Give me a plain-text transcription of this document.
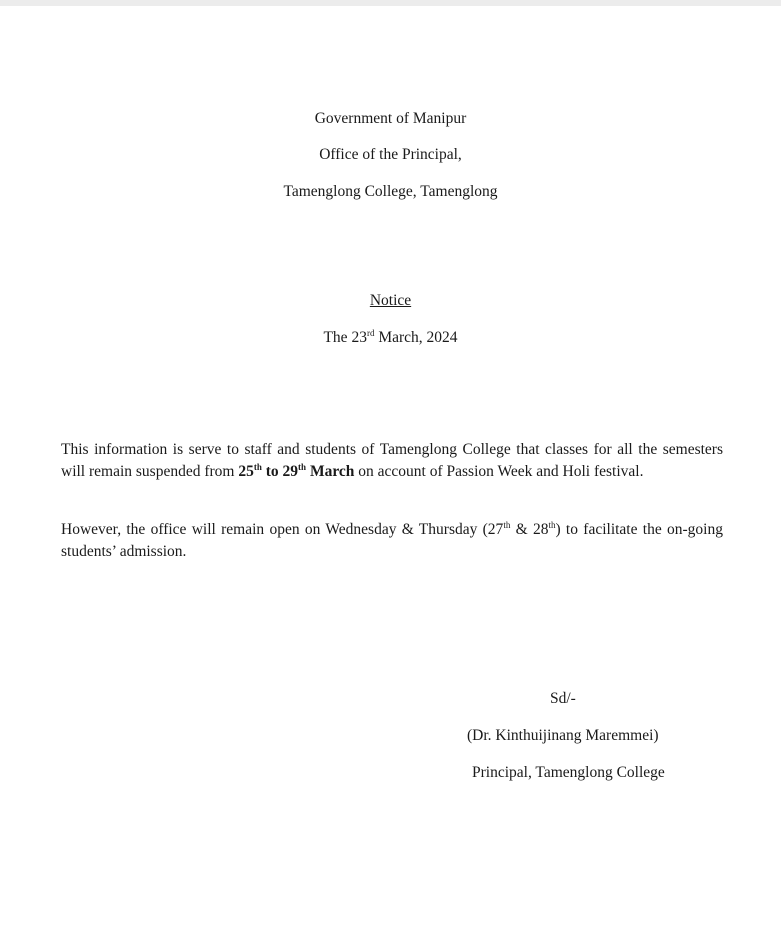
Government of Manipur
Office of the Principal,
Tamenglong College, Tamenglong
Notice
The 23rd March, 2024
This information is serve to staff and students of Tamenglong College that classes for all the semesters will remain suspended from 25th to 29th March on account of Passion Week and Holi festival.
However, the office will remain open on Wednesday & Thursday (27th & 28th) to facilitate the on-going students’ admission.
Sd/-
(Dr. Kinthuijinang Maremmei)
Principal, Tamenglong College
